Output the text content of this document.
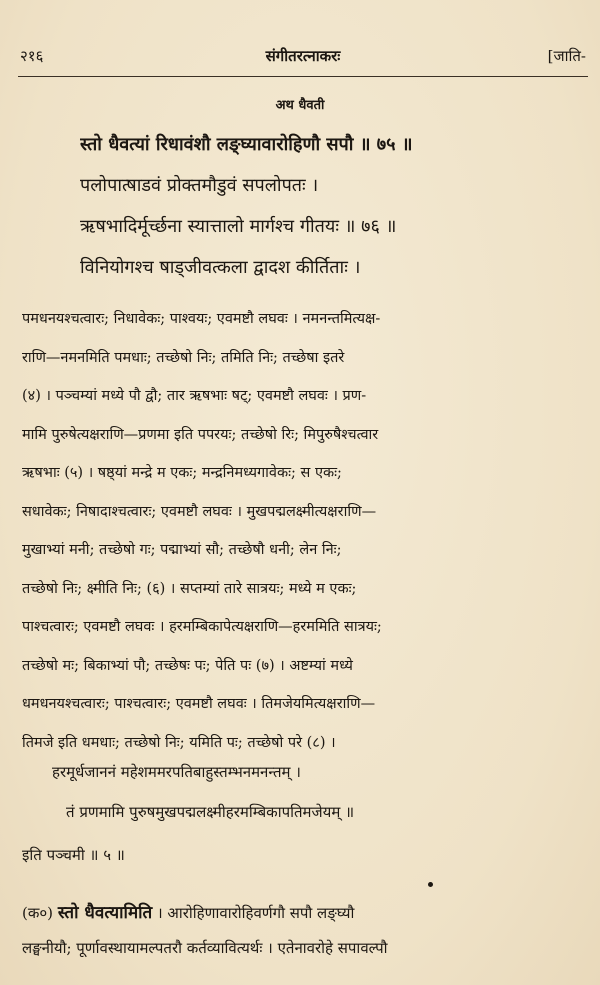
२१६	संगीतरत्नाकरः	[जाति-
अथ धैवती
स्तो धैवत्यां रिधावंशौ लङ्घ्यावारोहिणौ सपौ ॥ ७५ ॥
पलोपात्षाडवं प्रोक्तमौडुवं सपलोपतः ।
ऋषभादिर्मूर्च्छना स्यात्तालो मार्गश्च गीतयः ॥ ७६ ॥
विनियोगश्च षाड्जीवत्कला द्वादश कीर्तिताः ।
पमधनयश्चत्वारः; निधावेकः; पाश्वयः; एवमष्टौ लघवः । नमनन्तमित्यक्ष-
राणि—नमनमिति पमधाः; तच्छेषो निः; तमिति निः; तच्छेषा इतरे
(४) । पञ्चम्यां मध्ये पौ द्वौ; तार ऋषभाः षट्; एवमष्टौ लघवः । प्रण-
मामि पुरुषेत्यक्षराणि—प्रणमा इति पपरयः; तच्छेषो रिः; मिपुरुषैश्चत्वार
ऋषभाः (५) । षष्ठ्यां मन्द्रे म एकः; मन्द्रनिमध्यगावेकः; स एकः;
सधावेकः; निषादाश्चत्वारः; एवमष्टौ लघवः । मुखपद्मलक्ष्मीत्यक्षराणि—
मुखाभ्यां मनी; तच्छेषो गः; पद्माभ्यां सौ; तच्छेषौ धनी; लेन निः;
तच्छेषो निः; क्ष्मीति निः; (६) । सप्तम्यां तारे सात्रयः; मध्ये म एकः;
पाश्चत्वारः; एवमष्टौ लघवः । हरमम्बिकापेत्यक्षराणि—हरममिति सात्रयः;
तच्छेषो मः; बिकाभ्यां पौ; तच्छेषः पः; पेति पः (७) । अष्टम्यां मध्ये
धमधनयश्चत्वारः; पाश्चत्वारः; एवमष्टौ लघवः । तिमजेयमित्यक्षराणि—
तिमजे इति धमधाः; तच्छेषो निः; यमिति पः; तच्छेषो परे (८) ।
हरमूर्धजाननं महेशममरपतिबाहुस्तम्भनमनन्तम् ।
तं प्रणमामि पुरुषमुखपद्मलक्ष्मीहरमम्बिकापतिमजेयम् ॥
इति पञ्चमी ॥ ५ ॥
(क०) स्तो धैवत्यामिति । आरोहिणावारोहिवर्णगौ सपौ लङ्घ्यौ
लङ्घनीयौ; पूर्णावस्थायामल्पतरौ कर्तव्यावित्यर्थः । एतेनावरोहे सपावल्पौ
